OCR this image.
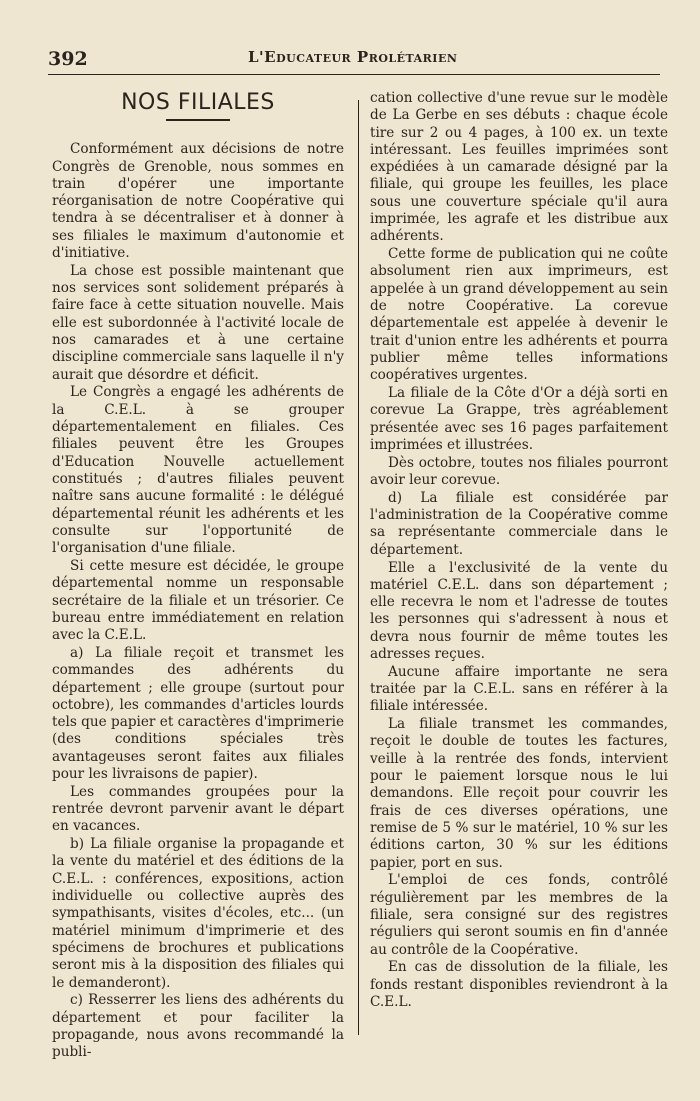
392	L'Educateur Prolétarien
NOS FILIALES

Conformément aux décisions de notre Congrès de Grenoble, nous sommes en train d'opérer une importante réorganisation de notre Coopérative qui tendra à se décentraliser et à donner à ses filiales le maximum d'autonomie et d'initiative.

La chose est possible maintenant que nos services sont solidement préparés à faire face à cette situation nouvelle. Mais elle est subordonnée à l'activité locale de nos camarades et à une certaine discipline commerciale sans laquelle il n'y aurait que désordre et déficit.

Le Congrès a engagé les adhérents de la C.E.L. à se grouper départementalement en filiales. Ces filiales peuvent être les Groupes d'Education Nouvelle actuellement constitués ; d'autres filiales peuvent naître sans aucune formalité : le délégué départemental réunit les adhérents et les consulte sur l'opportunité de l'organisation d'une filiale.

Si cette mesure est décidée, le groupe départemental nomme un responsable secrétaire de la filiale et un trésorier. Ce bureau entre immédiatement en relation avec la C.E.L.

a) La filiale reçoit et transmet les commandes des adhérents du département ; elle groupe (surtout pour octobre), les commandes d'articles lourds tels que papier et caractères d'imprimerie (des conditions spéciales très avantageuses seront faites aux filiales pour les livraisons de papier).

Les commandes groupées pour la rentrée devront parvenir avant le départ en vacances.

b) La filiale organise la propagande et la vente du matériel et des éditions de la C.E.L. : conférences, expositions, action individuelle ou collective auprès des sympathisants, visites d'écoles, etc... (un matériel minimum d'imprimerie et des spécimens de brochures et publications seront mis à la disposition des filiales qui le demanderont).

c) Resserrer les liens des adhérents du département et pour faciliter la propagande, nous avons recommandé la publi-

cation collective d'une revue sur le modèle de La Gerbe en ses débuts : chaque école tire sur 2 ou 4 pages, à 100 ex. un texte intéressant. Les feuilles imprimées sont expédiées à un camarade désigné par la filiale, qui groupe les feuilles, les place sous une couverture spéciale qu'il aura imprimée, les agrafe et les distribue aux adhérents.

Cette forme de publication qui ne coûte absolument rien aux imprimeurs, est appelée à un grand développement au sein de notre Coopérative. La corevue départementale est appelée à devenir le trait d'union entre les adhérents et pourra publier même telles informations coopératives urgentes.

La filiale de la Côte d'Or a déjà sorti en corevue La Grappe, très agréablement présentée avec ses 16 pages parfaitement imprimées et illustrées.

Dès octobre, toutes nos filiales pourront avoir leur corevue.

d) La filiale est considérée par l'administration de la Coopérative comme sa représentante commerciale dans le département.

Elle a l'exclusivité de la vente du matériel C.E.L. dans son département ; elle recevra le nom et l'adresse de toutes les personnes qui s'adressent à nous et devra nous fournir de même toutes les adresses reçues.

Aucune affaire importante ne sera traitée par la C.E.L. sans en référer à la filiale intéressée.

La filiale transmet les commandes, reçoit le double de toutes les factures, veille à la rentrée des fonds, intervient pour le paiement lorsque nous le lui demandons. Elle reçoit pour couvrir les frais de ces diverses opérations, une remise de 5 % sur le matériel, 10 % sur les éditions carton, 30 % sur les éditions papier, port en sus.

L'emploi de ces fonds, contrôlé régulièrement par les membres de la filiale, sera consigné sur des registres réguliers qui seront soumis en fin d'année au contrôle de la Coopérative.

En cas de dissolution de la filiale, les fonds restant disponibles reviendront à la C.E.L.
